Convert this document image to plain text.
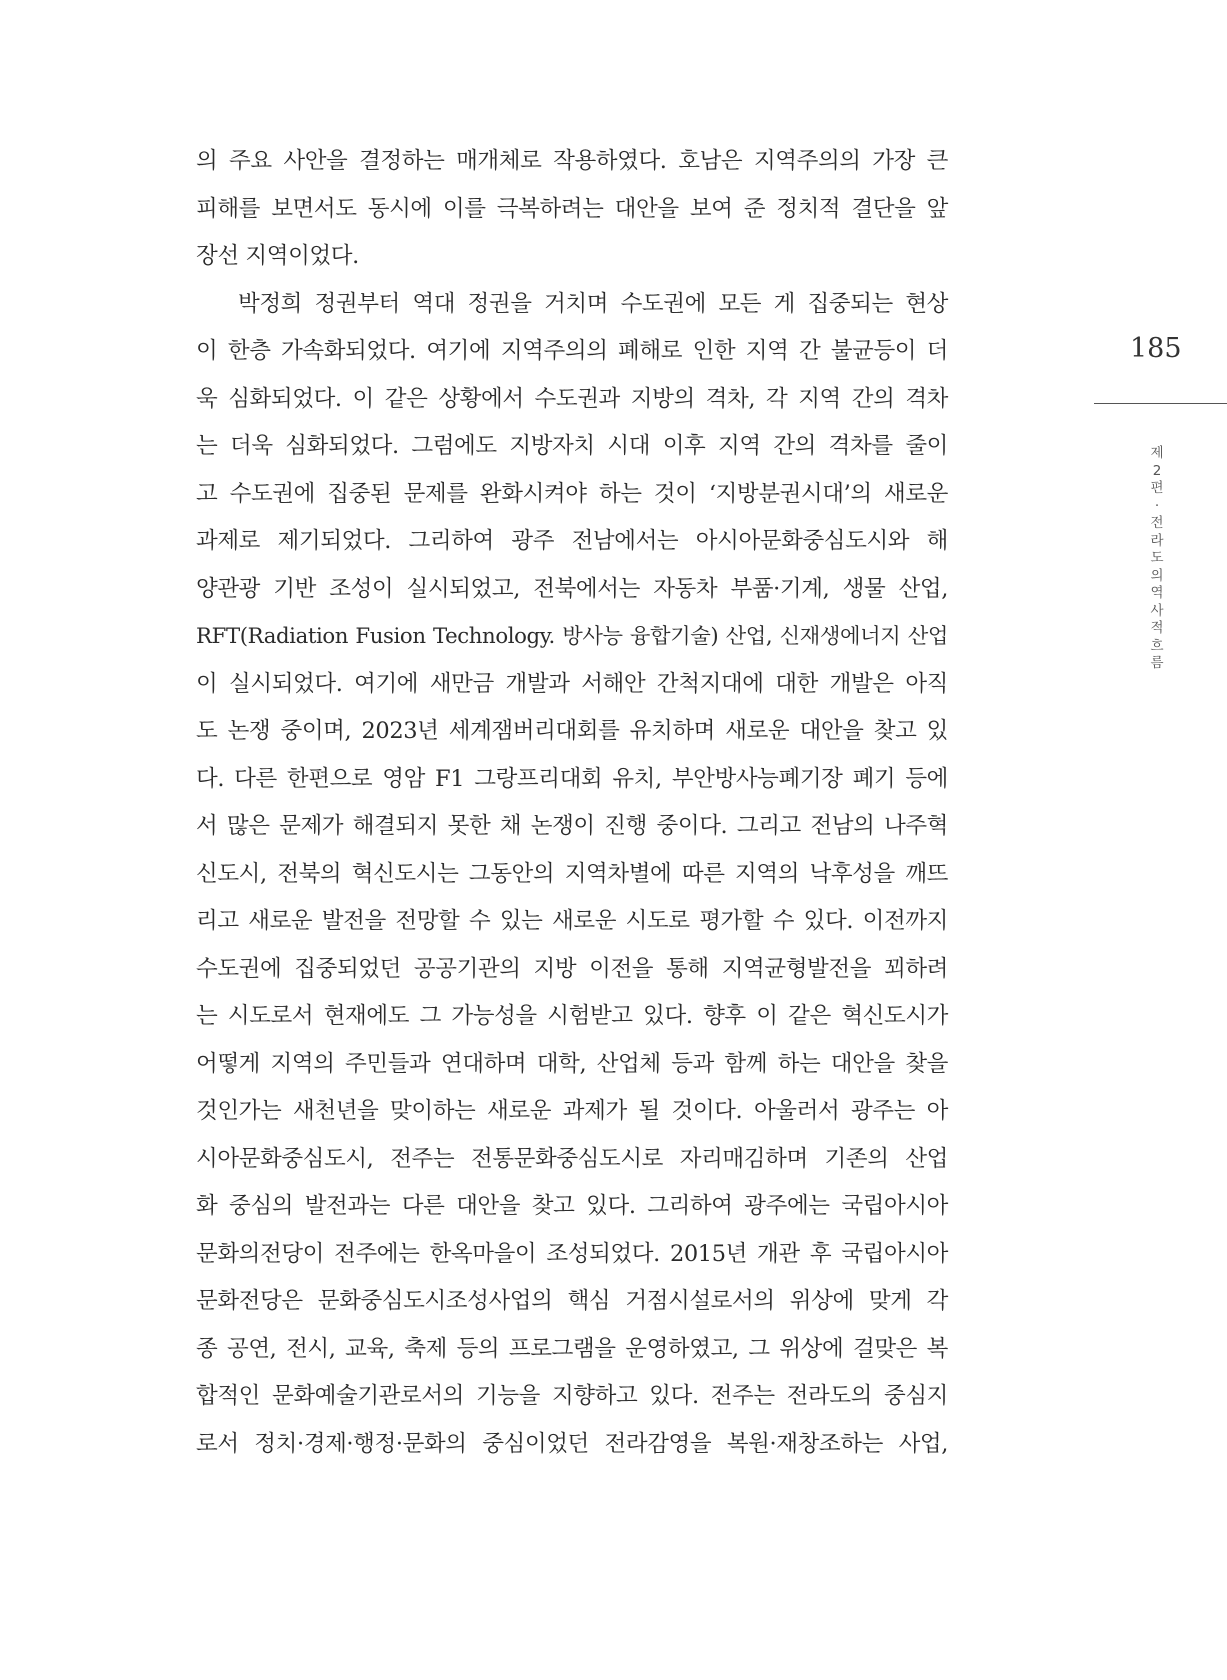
의 주요 사안을 결정하는 매개체로 작용하였다. 호남은 지역주의의 가장 큰
피해를 보면서도 동시에 이를 극복하려는 대안을 보여 준 정치적 결단을 앞
장선 지역이었다.
박정희 정권부터 역대 정권을 거치며 수도권에 모든 게 집중되는 현상
이 한층 가속화되었다. 여기에 지역주의의 폐해로 인한 지역 간 불균등이 더
욱 심화되었다. 이 같은 상황에서 수도권과 지방의 격차, 각 지역 간의 격차
는 더욱 심화되었다. 그럼에도 지방자치 시대 이후 지역 간의 격차를 줄이
고 수도권에 집중된 문제를 완화시켜야 하는 것이 ‘지방분권시대’의 새로운
과제로 제기되었다. 그리하여 광주 전남에서는 아시아문화중심도시와 해
양관광 기반 조성이 실시되었고, 전북에서는 자동차 부품·기계, 생물 산업,
RFT(Radiation Fusion Technology. 방사능 융합기술) 산업, 신재생에너지 산업
이 실시되었다. 여기에 새만금 개발과 서해안 간척지대에 대한 개발은 아직
도 논쟁 중이며, 2023년 세계잼버리대회를 유치하며 새로운 대안을 찾고 있
다. 다른 한편으로 영암 F1 그랑프리대회 유치, 부안방사능폐기장 폐기 등에
서 많은 문제가 해결되지 못한 채 논쟁이 진행 중이다. 그리고 전남의 나주혁
신도시, 전북의 혁신도시는 그동안의 지역차별에 따른 지역의 낙후성을 깨뜨
리고 새로운 발전을 전망할 수 있는 새로운 시도로 평가할 수 있다. 이전까지
수도권에 집중되었던 공공기관의 지방 이전을 통해 지역균형발전을 꾀하려
는 시도로서 현재에도 그 가능성을 시험받고 있다. 향후 이 같은 혁신도시가
어떻게 지역의 주민들과 연대하며 대학, 산업체 등과 함께 하는 대안을 찾을
것인가는 새천년을 맞이하는 새로운 과제가 될 것이다. 아울러서 광주는 아
시아문화중심도시, 전주는 전통문화중심도시로 자리매김하며 기존의 산업
화 중심의 발전과는 다른 대안을 찾고 있다. 그리하여 광주에는 국립아시아
문화의전당이 전주에는 한옥마을이 조성되었다. 2015년 개관 후 국립아시아
문화전당은 문화중심도시조성사업의 핵심 거점시설로서의 위상에 맞게 각
종 공연, 전시, 교육, 축제 등의 프로그램을 운영하였고, 그 위상에 걸맞은 복
합적인 문화예술기관로서의 기능을 지향하고 있다. 전주는 전라도의 중심지
로서 정치·경제·행정·문화의 중심이었던 전라감영을 복원·재창조하는 사업,
185
제
2
편
·
전
라
도
의
역
사
적
흐
름
